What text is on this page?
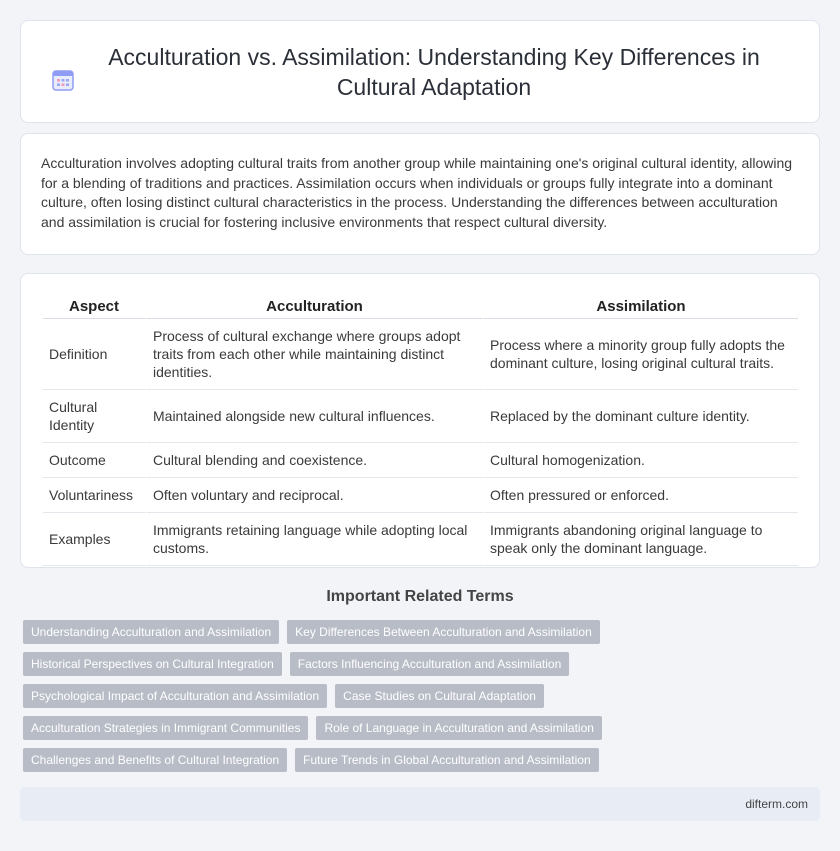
Acculturation vs. Assimilation: Understanding Key Differences in Cultural Adaptation

Acculturation involves adopting cultural traits from another group while maintaining one's original cultural identity, allowing for a blending of traditions and practices. Assimilation occurs when individuals or groups fully integrate into a dominant culture, often losing distinct cultural characteristics in the process. Understanding the differences between acculturation and assimilation is crucial for fostering inclusive environments that respect cultural diversity.

Aspect	Acculturation	Assimilation
Definition	Process of cultural exchange where groups adopt traits from each other while maintaining distinct identities.	Process where a minority group fully adopts the dominant culture, losing original cultural traits.
Cultural Identity	Maintained alongside new cultural influences.	Replaced by the dominant culture identity.
Outcome	Cultural blending and coexistence.	Cultural homogenization.
Voluntariness	Often voluntary and reciprocal.	Often pressured or enforced.
Examples	Immigrants retaining language while adopting local customs.	Immigrants abandoning original language to speak only the dominant language.
Important Related Terms
Understanding Acculturation and Assimilation	Key Differences Between Acculturation and Assimilation
Historical Perspectives on Cultural Integration	Factors Influencing Acculturation and Assimilation
Psychological Impact of Acculturation and Assimilation	Case Studies on Cultural Adaptation
Acculturation Strategies in Immigrant Communities	Role of Language in Acculturation and Assimilation
Challenges and Benefits of Cultural Integration	Future Trends in Global Acculturation and Assimilation
difterm.com
